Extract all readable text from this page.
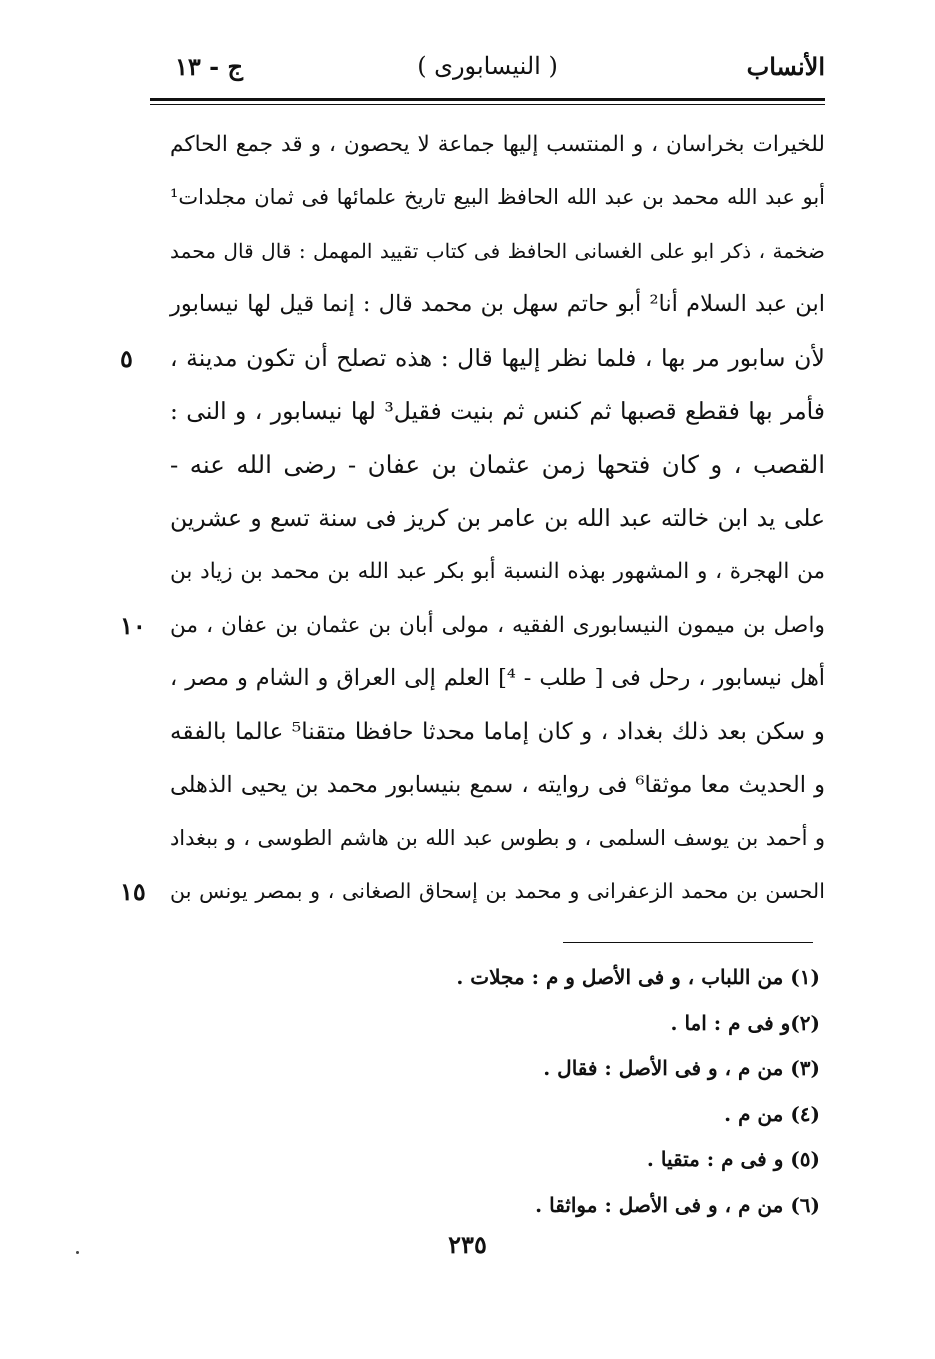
الأنساب
( النيسابورى )
ج - ١٣
للخيرات بخراسان ، و المنتسب إليها جماعة لا يحصون ، و قد جمع الحاكم
أبو عبد الله محمد بن عبد الله الحافظ البيع تاريخ علمائها فى ثمان مجلدات¹
ضخمة ، ذكر ابو على الغسانى الحافظ فى كتاب تقييد المهمل : قال قال محمد
ابن عبد السلام أنا² أبو حاتم سهل بن محمد قال : إنما قيل لها نيسابور
لأن سابور مر بها ، فلما نظر إليها قال : هذه تصلح أن تكون مدينة ،
٥
فأمر بها فقطع قصبها ثم كنس ثم بنيت فقيل³ لها نيسابور ، و النى :
القصب ، و كان فتحها زمن عثمان بن عفان - رضى الله عنه -
على يد ابن خالته عبد الله بن عامر بن كريز فى سنة تسع و عشرين
من الهجرة ، و المشهور بهذه النسبة أبو بكر عبد الله بن محمد بن زياد بن
واصل بن ميمون النيسابورى الفقيه ، مولى أبان بن عثمان بن عفان ، من
١٠
أهل نيسابور ، رحل فى [ طلب - ⁴] العلم إلى العراق و الشام و مصر ،
و سكن بعد ذلك بغداد ، و كان إماما محدثا حافظا متقنا⁵ عالما بالفقه
و الحديث معا موثقا⁶ فى روايته ، سمع بنيسابور محمد بن يحيى الذهلى
و أحمد بن يوسف السلمى ، و بطوس عبد الله بن هاشم الطوسى ، و ببغداد
الحسن بن محمد الزعفرانى و محمد بن إسحاق الصغانى ، و بمصر يونس بن
١٥
(١) من اللباب ، و فى الأصل و م : مجلات .
(٢)و فى م : اما .
(٣) من م ، و فى الأصل : فقال .
(٤) من م .
(٥) و فى م : متقيا .
(٦) من م ، و فى الأصل : مواثقا .
٢٣٥
